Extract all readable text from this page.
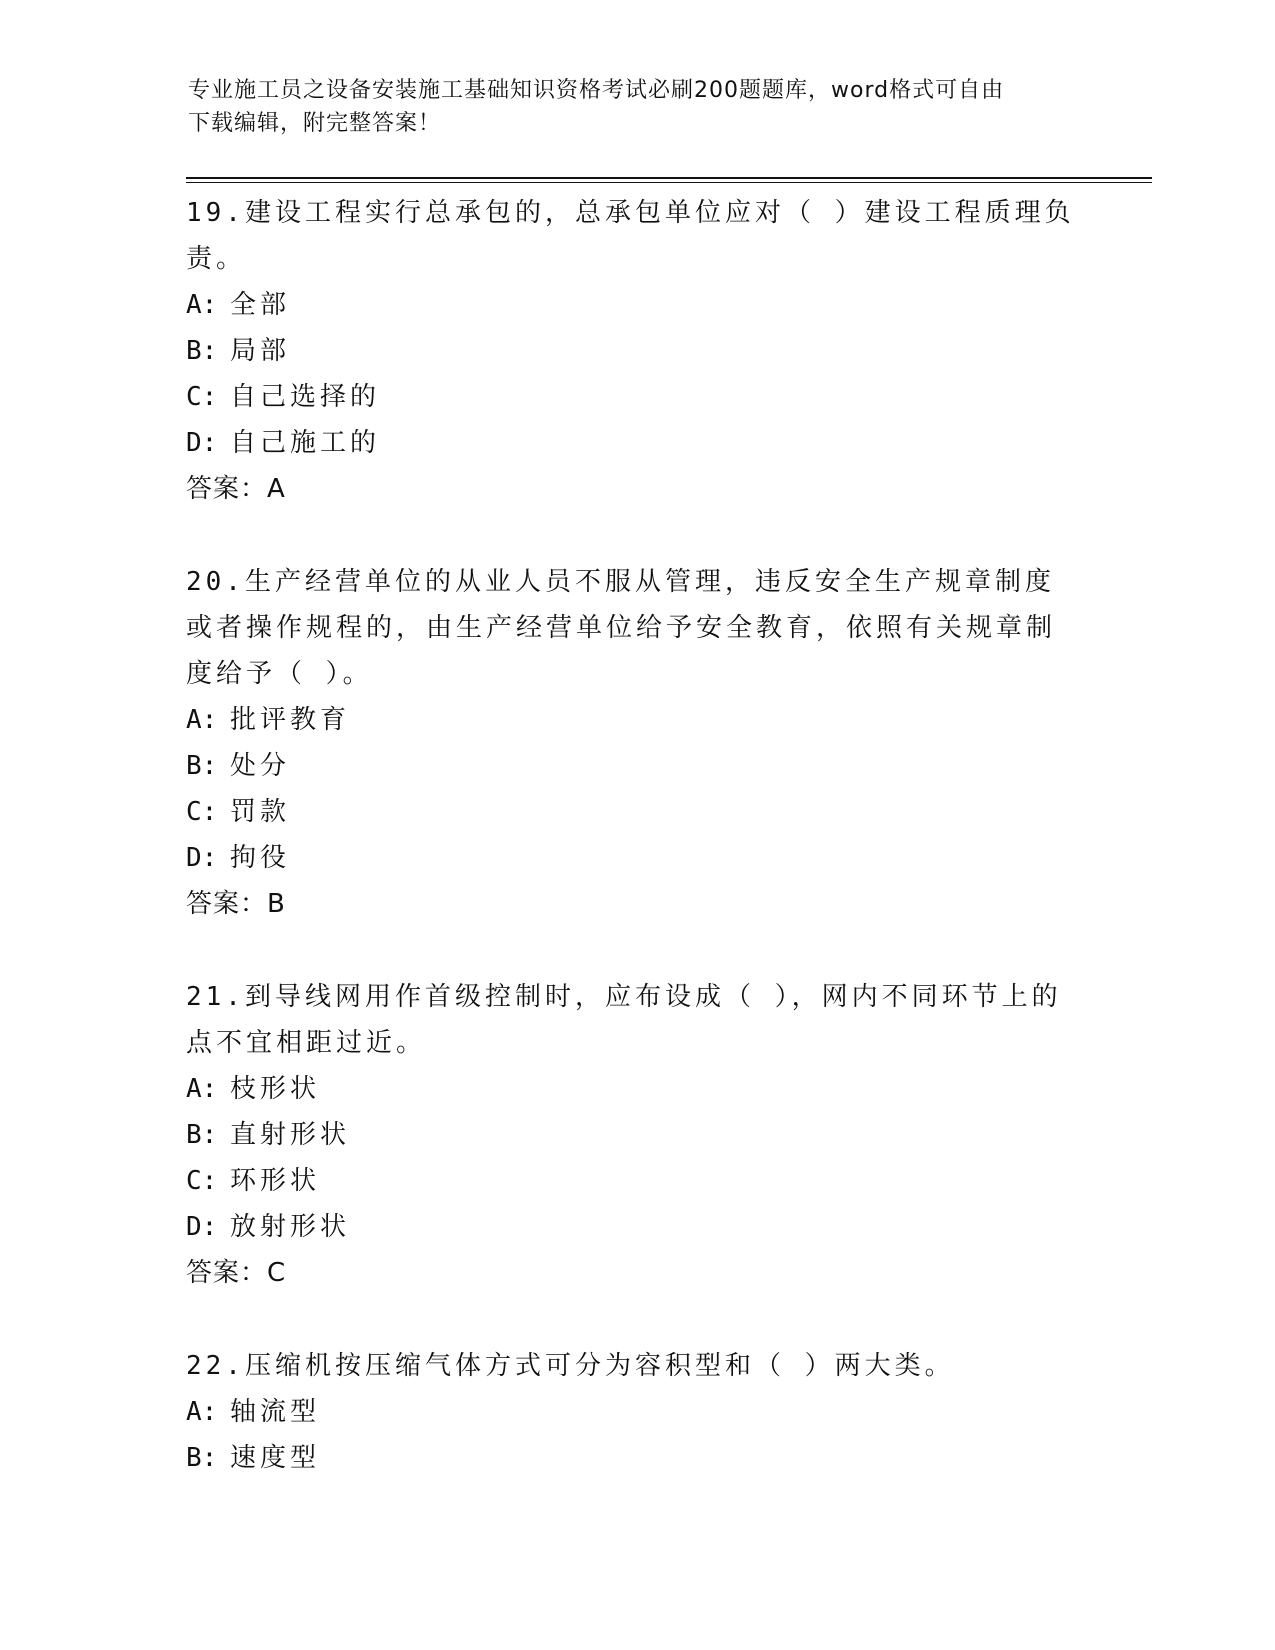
专业施工员之设备安装施工基础知识资格考试必刷200题题库，word格式可自由
下载编辑，附完整答案！
19.建设工程实行总承包的，总承包单位应对（ ）建设工程质理负责。
A: 全部
B: 局部
C: 自己选择的
D: 自己施工的
答案：A
20.生产经营单位的从业人员不服从管理，违反安全生产规章制度或者操作规程的，由生产经营单位给予安全教育，依照有关规章制度给予（ ）。
A: 批评教育
B: 处分
C: 罚款
D: 拘役
答案：B
21.到导线网用作首级控制时，应布设成（ ），网内不同环节上的点不宜相距过近。
A: 枝形状
B: 直射形状
C: 环形状
D: 放射形状
答案：C
22.压缩机按压缩气体方式可分为容积型和（ ）两大类。
A: 轴流型
B: 速度型
